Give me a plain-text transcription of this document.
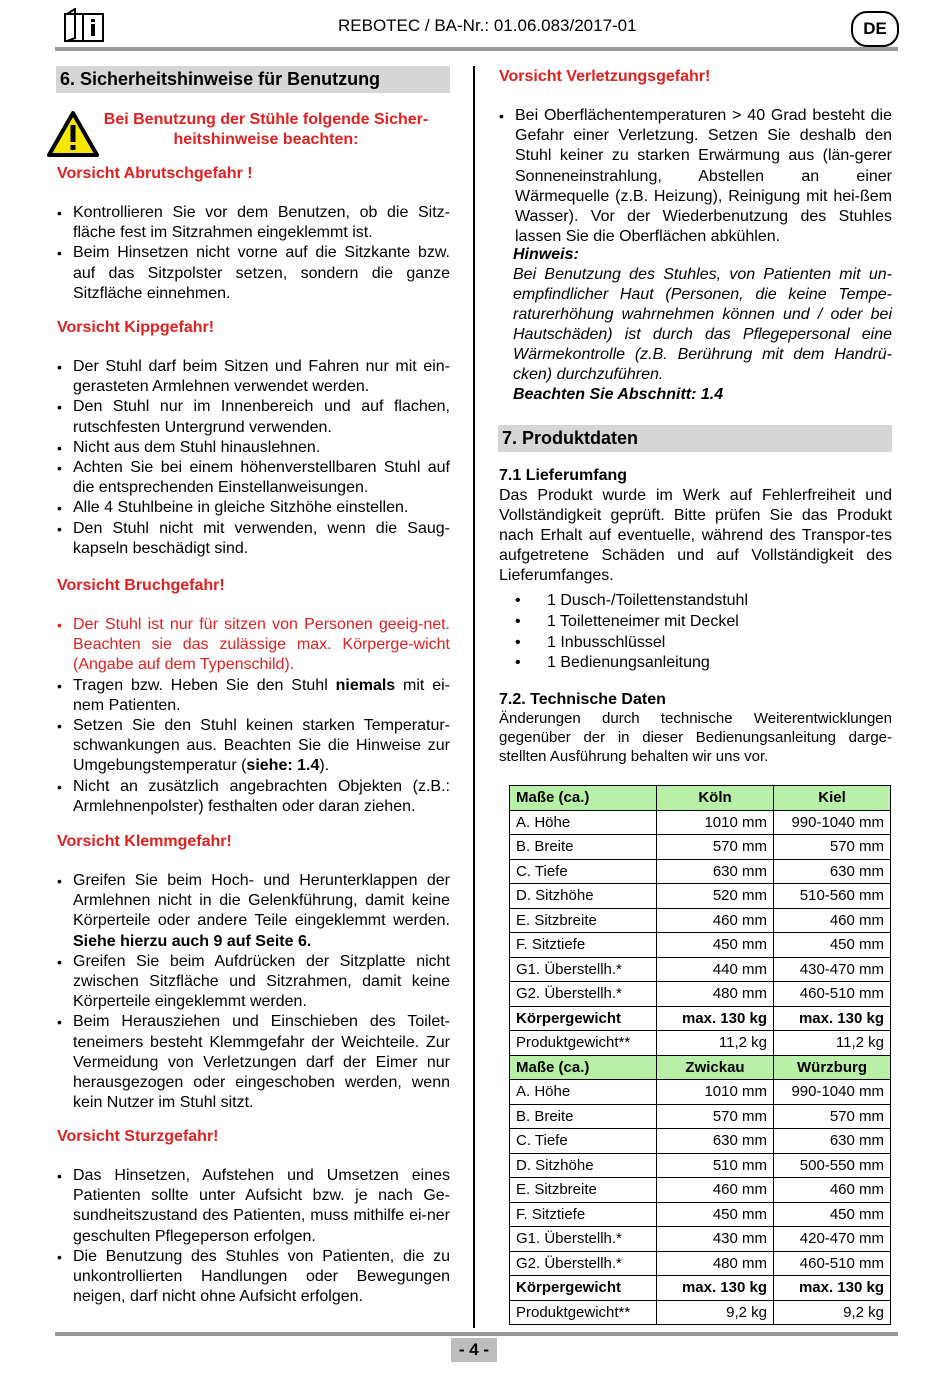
REBOTEC / BA-Nr.: 01.06.083/2017-01	DE
6. Sicherheitshinweise für Benutzung
Bei Benutzung der Stühle folgende Sicher-
heitshinweise beachten:
Vorsicht Abrutschgefahr !
• Kontrollieren Sie vor dem Benutzen, ob die Sitz-fläche fest im Sitzrahmen eingeklemmt ist.
• Beim Hinsetzen nicht vorne auf die Sitzkante bzw. auf das Sitzpolster setzen, sondern die ganze Sitzfläche einnehmen.
Vorsicht Kippgefahr!
• Der Stuhl darf beim Sitzen und Fahren nur mit ein-gerasteten Armlehnen verwendet werden.
• Den Stuhl nur im Innenbereich und auf flachen, rutschfesten Untergrund verwenden.
• Nicht aus dem Stuhl hinauslehnen.
• Achten Sie bei einem höhenverstellbaren Stuhl auf die entsprechenden Einstellanweisungen.
• Alle 4 Stuhlbeine in gleiche Sitzhöhe einstellen.
• Den Stuhl nicht mit verwenden, wenn die Saug-kapseln beschädigt sind.
Vorsicht Bruchgefahr!
• Der Stuhl ist nur für sitzen von Personen geeig-net. Beachten sie das zulässige max. Körperge-wicht (Angabe auf dem Typenschild).
• Tragen bzw. Heben Sie den Stuhl niemals mit ei-nem Patienten.
• Setzen Sie den Stuhl keinen starken Temperatur-schwankungen aus. Beachten Sie die Hinweise zur Umgebungstemperatur (siehe: 1.4).
• Nicht an zusätzlich angebrachten Objekten (z.B.: Armlehnenpolster) festhalten oder daran ziehen.
Vorsicht Klemmgefahr!
• Greifen Sie beim Hoch- und Herunterklappen der Armlehnen nicht in die Gelenkführung, damit keine Körperteile oder andere Teile eingeklemmt werden. Siehe hierzu auch 9 auf Seite 6.
• Greifen Sie beim Aufdrücken der Sitzplatte nicht zwischen Sitzfläche und Sitzrahmen, damit keine Körperteile eingeklemmt werden.
• Beim Herausziehen und Einschieben des Toilet-teneimers besteht Klemmgefahr der Weichteile. Zur Vermeidung von Verletzungen darf der Eimer nur herausgezogen oder eingeschoben werden, wenn kein Nutzer im Stuhl sitzt.
Vorsicht Sturzgefahr!
• Das Hinsetzen, Aufstehen und Umsetzen eines Patienten sollte unter Aufsicht bzw. je nach Ge-sundheitszustand des Patienten, muss mithilfe ei-ner geschulten Pflegeperson erfolgen.
• Die Benutzung des Stuhles von Patienten, die zu unkontrollierten Handlungen oder Bewegungen neigen, darf nicht ohne Aufsicht erfolgen.
Vorsicht Verletzungsgefahr!
• Bei Oberflächentemperaturen > 40 Grad besteht die Gefahr einer Verletzung. Setzen Sie deshalb den Stuhl keiner zu starken Erwärmung aus (län-gerer Sonneneinstrahlung, Abstellen an einer Wärmequelle (z.B. Heizung), Reinigung mit hei-ßem Wasser). Vor der Wiederbenutzung des Stuhles lassen Sie die Oberflächen abkühlen.
Hinweis:
Bei Benutzung des Stuhles, von Patienten mit un-empfindlicher Haut (Personen, die keine Tempe-raturerhöhung wahrnehmen können und / oder bei Hautschäden) ist durch das Pflegepersonal eine Wärmekontrolle (z.B. Berührung mit dem Handrü-cken) durchzuführen.
Beachten Sie Abschnitt: 1.4
7. Produktdaten
7.1 Lieferumfang
Das Produkt wurde im Werk auf Fehlerfreiheit und Vollständigkeit geprüft. Bitte prüfen Sie das Produkt nach Erhalt auf eventuelle, während des Transpor-tes aufgetretene Schäden und auf Vollständigkeit des Lieferumfanges.
• 1 Dusch-/Toilettenstandstuhl
• 1 Toiletteneimer mit Deckel
• 1 Inbusschlüssel
• 1 Bedienungsanleitung
7.2. Technische Daten
Änderungen durch technische Weiterentwicklungen gegenüber der in dieser Bedienungsanleitung darge-stellten Ausführung behalten wir uns vor.
Maße (ca.)	Köln	Kiel
A. Höhe	1010 mm	990-1040 mm
B. Breite	570 mm	570 mm
C. Tiefe	630 mm	630 mm
D. Sitzhöhe	520 mm	510-560 mm
E. Sitzbreite	460 mm	460 mm
F. Sitztiefe	450 mm	450 mm
G1. Überstellh.*	440 mm	430-470 mm
G2. Überstellh.*	480 mm	460-510 mm
Körpergewicht	max. 130 kg	max. 130 kg
Produktgewicht**	11,2 kg	11,2 kg
Maße (ca.)	Zwickau	Würzburg
A. Höhe	1010 mm	990-1040 mm
B. Breite	570 mm	570 mm
C. Tiefe	630 mm	630 mm
D. Sitzhöhe	510 mm	500-550 mm
E. Sitzbreite	460 mm	460 mm
F. Sitztiefe	450 mm	450 mm
G1. Überstellh.*	430 mm	420-470 mm
G2. Überstellh.*	480 mm	460-510 mm
Körpergewicht	max. 130 kg	max. 130 kg
Produktgewicht**	9,2 kg	9,2 kg
- 4 -
